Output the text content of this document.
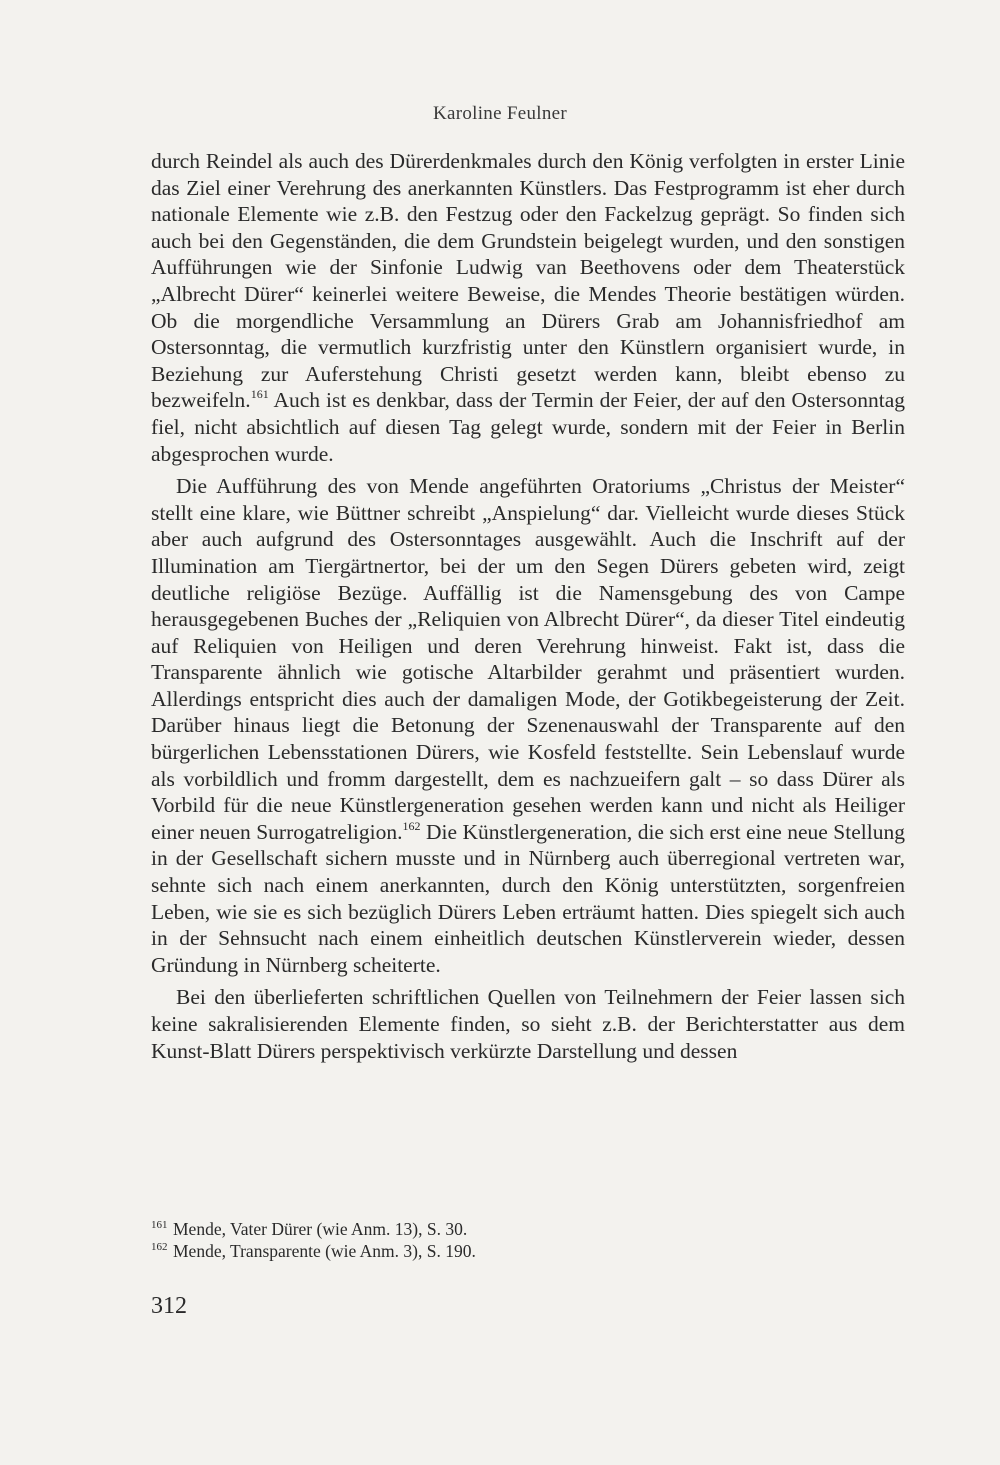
Karoline Feulner

durch Reindel als auch des Dürerdenkmales durch den König verfolgten in erster Linie das Ziel einer Verehrung des anerkannten Künstlers. Das Festprogramm ist eher durch nationale Elemente wie z.B. den Festzug oder den Fackelzug geprägt. So finden sich auch bei den Gegenständen, die dem Grundstein beigelegt wurden, und den sonstigen Aufführungen wie der Sinfonie Ludwig van Beethovens oder dem Theaterstück „Albrecht Dürer“ keinerlei weitere Beweise, die Mendes Theorie bestätigen würden. Ob die morgendliche Versammlung an Dürers Grab am Johannisfriedhof am Ostersonntag, die vermutlich kurzfristig unter den Künstlern organisiert wurde, in Beziehung zur Auferstehung Christi gesetzt werden kann, bleibt ebenso zu bezweifeln.$^{161}$ Auch ist es denkbar, dass der Termin der Feier, der auf den Ostersonntag fiel, nicht absichtlich auf diesen Tag gelegt wurde, sondern mit der Feier in Berlin abgesprochen wurde.

Die Aufführung des von Mende angeführten Oratoriums „Christus der Meister“ stellt eine klare, wie Büttner schreibt „Anspielung“ dar. Vielleicht wurde dieses Stück aber auch aufgrund des Ostersonntages ausgewählt. Auch die Inschrift auf der Illumination am Tiergärtnertor, bei der um den Segen Dürers gebeten wird, zeigt deutliche religiöse Bezüge. Auffällig ist die Namensgebung des von Campe herausgegebenen Buches der „Reliquien von Albrecht Dürer“, da dieser Titel eindeutig auf Reliquien von Heiligen und deren Verehrung hinweist. Fakt ist, dass die Transparente ähnlich wie gotische Altarbilder gerahmt und präsentiert wurden. Allerdings entspricht dies auch der damaligen Mode, der Gotikbegeisterung der Zeit. Darüber hinaus liegt die Betonung der Szenenauswahl der Transparente auf den bürgerlichen Lebensstationen Dürers, wie Kosfeld feststellte. Sein Lebenslauf wurde als vorbildlich und fromm dargestellt, dem es nachzueifern galt – so dass Dürer als Vorbild für die neue Künstlergeneration gesehen werden kann und nicht als Heiliger einer neuen Surrogatreligion.$^{162}$ Die Künstlergeneration, die sich erst eine neue Stellung in der Gesellschaft sichern musste und in Nürnberg auch überregional vertreten war, sehnte sich nach einem anerkannten, durch den König unterstützten, sorgenfreien Leben, wie sie es sich bezüglich Dürers Leben erträumt hatten. Dies spiegelt sich auch in der Sehnsucht nach einem einheitlich deutschen Künstlerverein wieder, dessen Gründung in Nürnberg scheiterte.

Bei den überlieferten schriftlichen Quellen von Teilnehmern der Feier lassen sich keine sakralisierenden Elemente finden, so sieht z.B. der Berichterstatter aus dem Kunst-Blatt Dürers perspektivisch verkürzte Darstellung und dessen

161 Mende, Vater Dürer (wie Anm. 13), S. 30.
162 Mende, Transparente (wie Anm. 3), S. 190.
312
